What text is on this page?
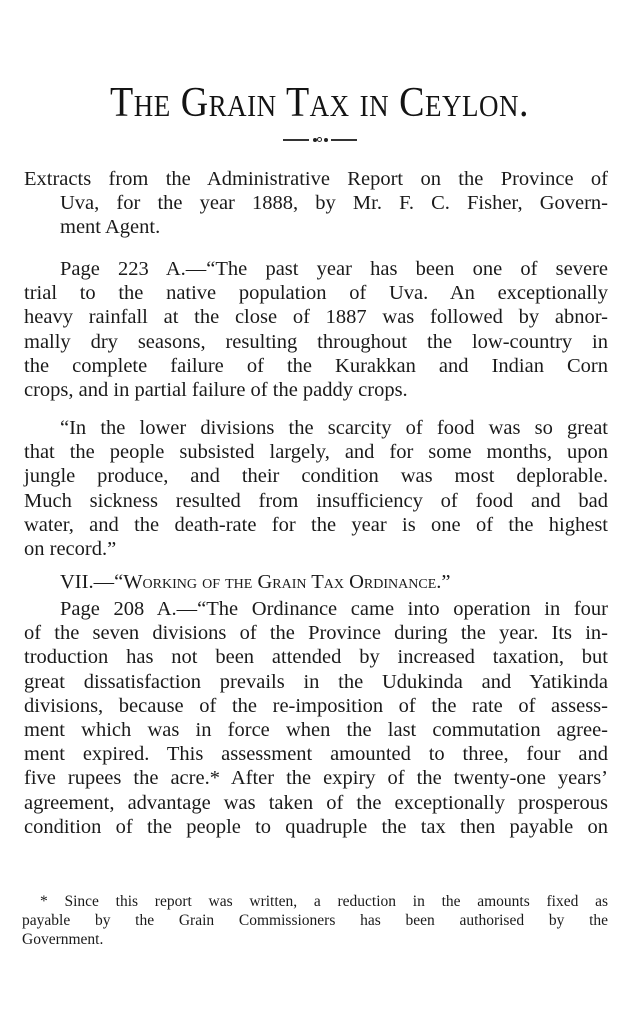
The Grain Tax in Ceylon.
Extracts from the Administrative Report on the Province of
Uva, for the year 1888, by Mr. F. C. Fisher, Govern-
ment Agent.
Page 223 A.—“The past year has been one of severe
trial to the native population of Uva. An exceptionally
heavy rainfall at the close of 1887 was followed by abnor-
mally dry seasons, resulting throughout the low-country in
the complete failure of the Kurakkan and Indian Corn
crops, and in partial failure of the paddy crops.
“In the lower divisions the scarcity of food was so great
that the people subsisted largely, and for some months, upon
jungle produce, and their condition was most deplorable.
Much sickness resulted from insufficiency of food and bad
water, and the death-rate for the year is one of the highest
on record.”
VII.—“Working of the Grain Tax Ordinance.”
Page 208 A.—“The Ordinance came into operation in four
of the seven divisions of the Province during the year. Its in-
troduction has not been attended by increased taxation, but
great dissatisfaction prevails in the Udukinda and Yatikinda
divisions, because of the re-imposition of the rate of assess-
ment which was in force when the last commutation agree-
ment expired. This assessment amounted to three, four and
five rupees the acre.* After the expiry of the twenty-one years’
agreement, advantage was taken of the exceptionally prosperous
condition of the people to quadruple the tax then payable on
* Since this report was written, a reduction in the amounts fixed as
payable by the Grain Commissioners has been authorised by the
Government.
